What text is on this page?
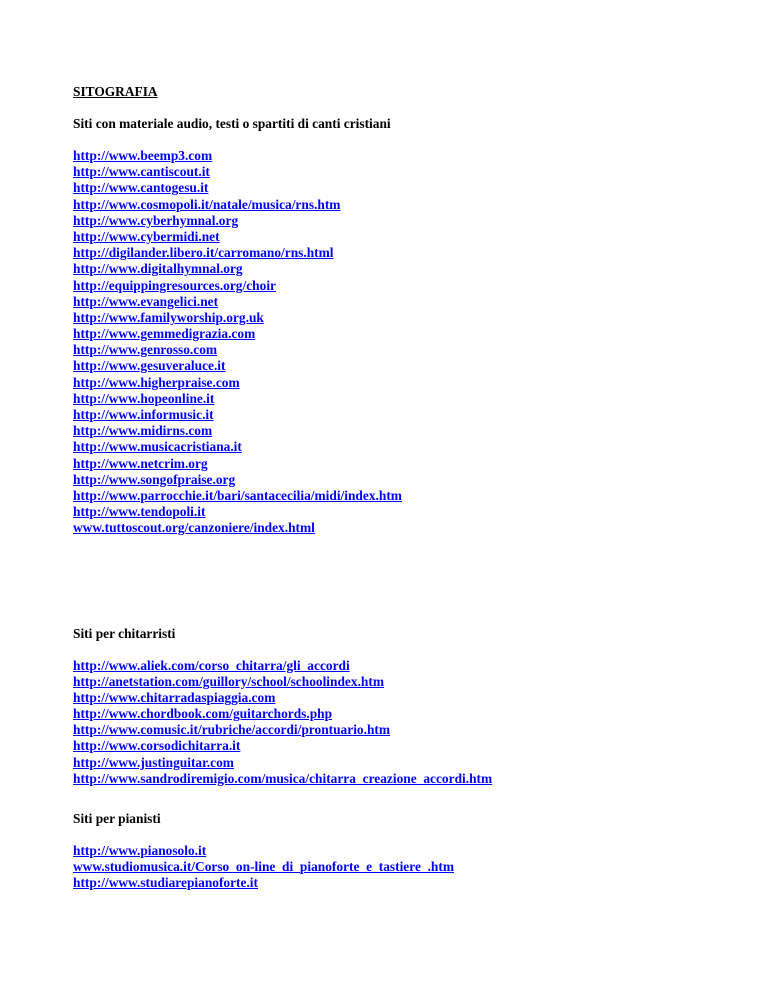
SITOGRAFIA
Siti con materiale audio, testi o spartiti di canti cristiani
http://www.beemp3.com
http://www.cantiscout.it
http://www.cantogesu.it
http://www.cosmopoli.it/natale/musica/rns.htm
http://www.cyberhymnal.org
http://www.cybermidi.net
http://digilander.libero.it/carromano/rns.html
http://www.digitalhymnal.org
http://equippingresources.org/choir
http://www.evangelici.net
http://www.familyworship.org.uk
http://www.gemmedigrazia.com
http://www.genrosso.com
http://www.gesuveraluce.it
http://www.higherpraise.com
http://www.hopeonline.it
http://www.informusic.it
http://www.midirns.com
http://www.musicacristiana.it
http://www.netcrim.org
http://www.songofpraise.org
http://www.parrocchie.it/bari/santacecilia/midi/index.htm
http://www.tendopoli.it
www.tuttoscout.org/canzoniere/index.html
Siti per chitarristi
http://www.aliek.com/corso_chitarra/gli_accordi
http://anetstation.com/guillory/school/schoolindex.htm
http://www.chitarradaspiaggia.com
http://www.chordbook.com/guitarchords.php
http://www.comusic.it/rubriche/accordi/prontuario.htm
http://www.corsodichitarra.it
http://www.justinguitar.com
http://www.sandrodiremigio.com/musica/chitarra_creazione_accordi.htm
Siti per pianisti
http://www.pianosolo.it
www.studiomusica.it/Corso_on-line_di_pianoforte_e_tastiere_.htm
http://www.studiarepianoforte.it
